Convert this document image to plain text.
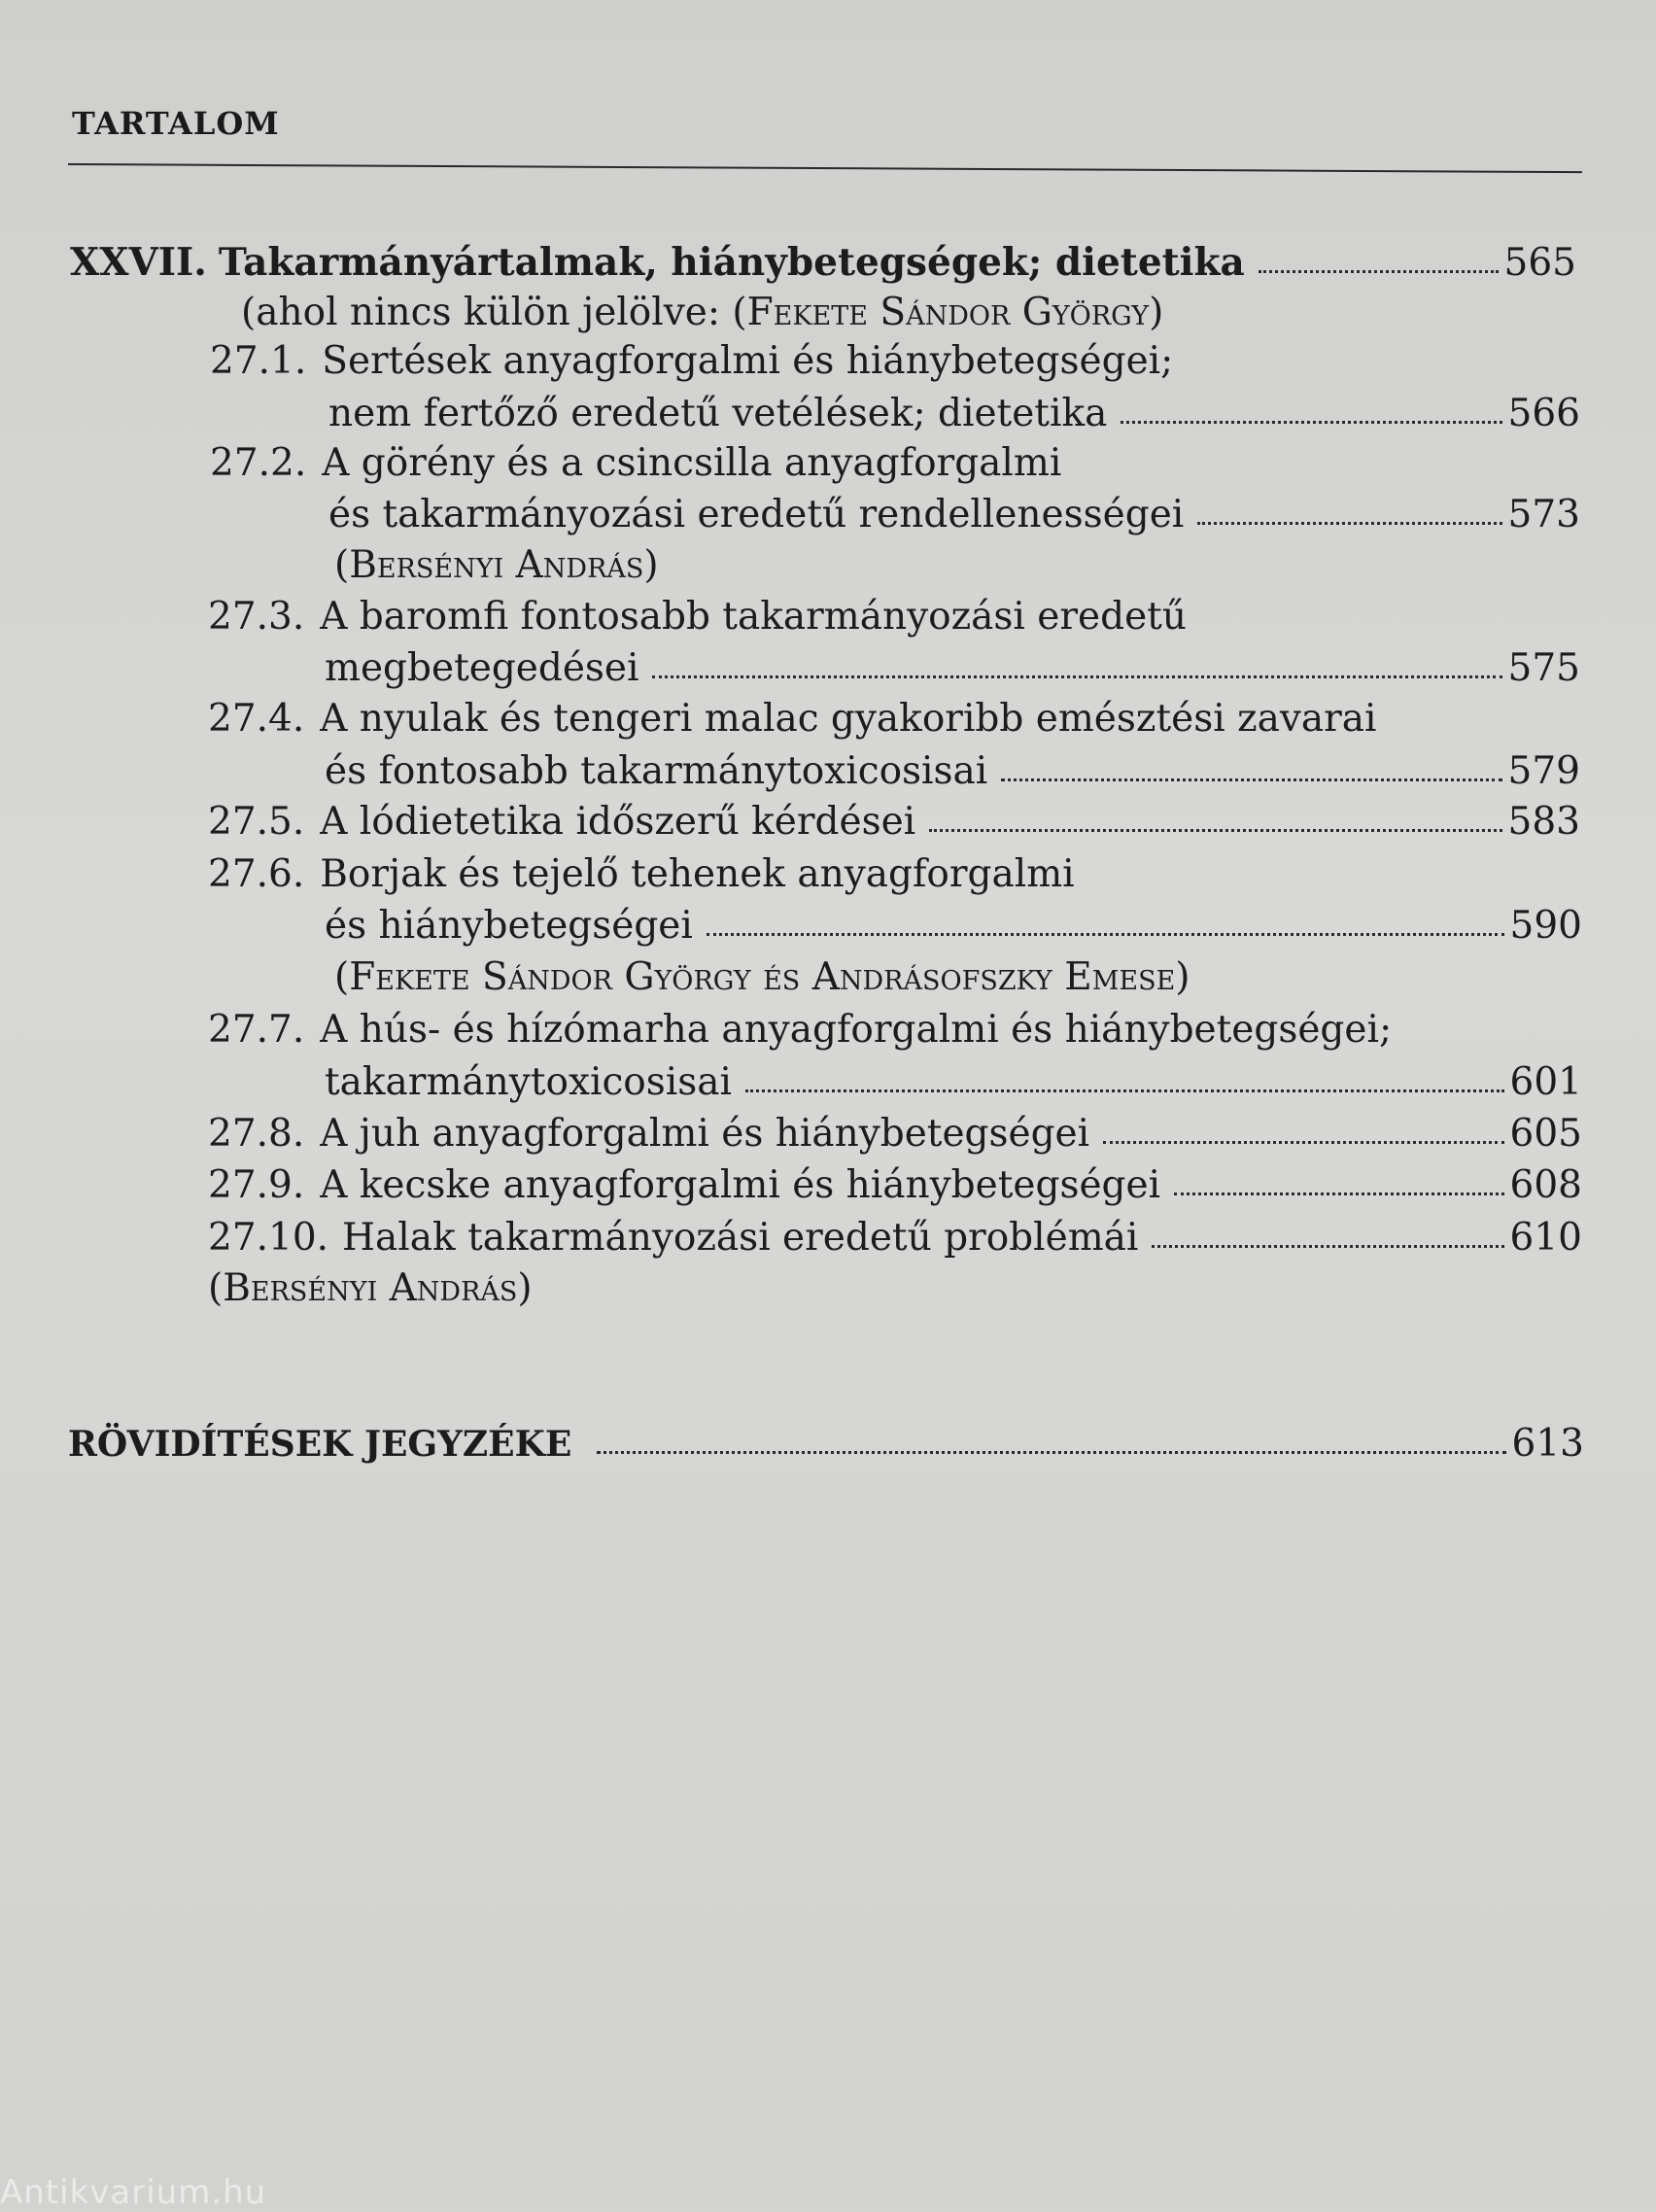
TARTALOM
XXVII. Takarmányártalmak, hiánybetegségek; dietetika	565
(ahol nincs külön jelölve: (Fekete Sándor György)
27.1. Sertések anyagforgalmi és hiánybetegségei;
nem fertőző eredetű vetélések; dietetika	566
27.2. A görény és a csincsilla anyagforgalmi
és takarmányozási eredetű rendellenességei	573
(Bersényi András)
27.3. A baromfi fontosabb takarmányozási eredetű
megbetegedései	575
27.4. A nyulak és tengeri malac gyakoribb emésztési zavarai
és fontosabb takarmánytoxicosisai	579
27.5. A lódietetika időszerű kérdései	583
27.6. Borjak és tejelő tehenek anyagforgalmi
és hiánybetegségei	590
(Fekete Sándor György és Andrásofszky Emese)
27.7. A hús- és hízómarha anyagforgalmi és hiánybetegségei;
takarmánytoxicosisai	601
27.8. A juh anyagforgalmi és hiánybetegségei	605
27.9. A kecske anyagforgalmi és hiánybetegségei	608
27.10. Halak takarmányozási eredetű problémái	610
(Bersényi András)
RÖVIDÍTÉSEK JEGYZÉKE	613
Antikvarium.hu
